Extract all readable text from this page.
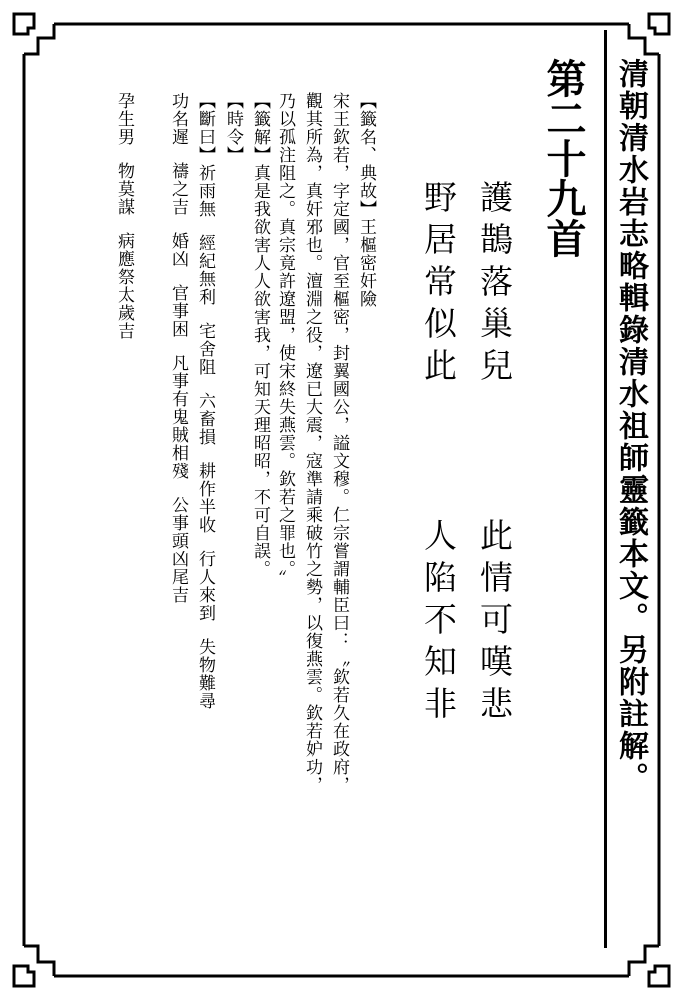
清朝清水岩志略輯錄清水祖師靈籤本文。另附註解。
第二十九首
護鵲落巢兒
野居常似此
此情可嘆悲
人陷不知非
【籤名、典故】王樞密奸險
宋王欽若，字定國，官至樞密，封翼國公，謚文穆。仁宗嘗謂輔臣曰：〝欽若久在政府，
觀其所為，真奸邪也。澶淵之役，遼已大震，寇準請乘破竹之勢，以復燕雲。欽若妒功，
乃以孤注阻之。真宗竟許遼盟，使宋終失燕雲。欽若之罪也。〞
【籤解】真是我欲害人人欲害我，可知天理昭昭，不可自誤。
【時令】
【斷曰】祈雨無經紀無利宅舍阻六畜損耕作半收行人來到失物難尋
功名遲禱之吉婚凶官事困凡事有鬼賊相殘公事頭凶尾吉
孕生男物莫謀病應祭太歲吉
